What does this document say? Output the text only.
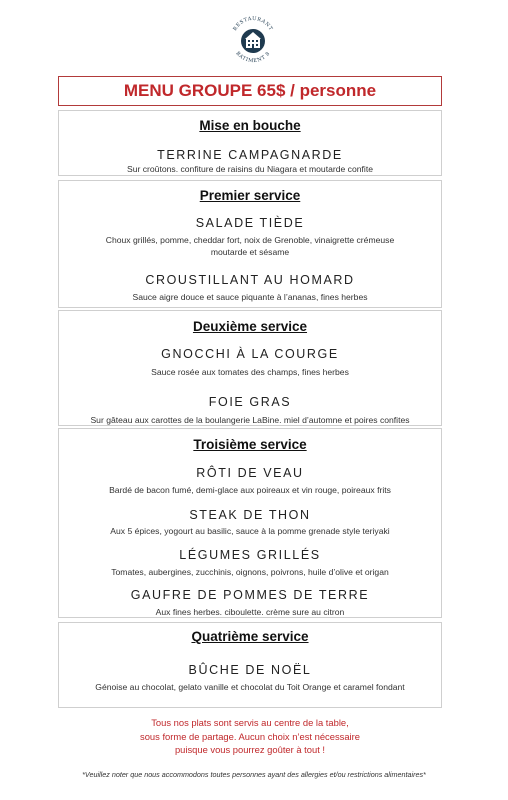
RESTAURANT
BATIMENT 8
MENU GROUPE 65$ / personne
Mise en bouche
TERRINE CAMPAGNARDE
Sur croûtons. confiture de raisins du Niagara et moutarde confite
Premier service
SALADE TIÈDE
Choux grillés, pomme, cheddar fort, noix de Grenoble, vinaigrette crémeuse
moutarde et sésame
CROUSTILLANT AU HOMARD
Sauce aigre douce et sauce piquante à l’ananas, fines herbes
Deuxième service
GNOCCHI À LA COURGE
Sauce rosée aux tomates des champs, fines herbes
FOIE GRAS
Sur gâteau aux carottes de la boulangerie LaBine. miel d’automne et poires confites
Troisième service
RÔTI DE VEAU
Bardé de bacon fumé, demi-glace aux poireaux et vin rouge, poireaux frits
STEAK DE THON
Aux 5 épices, yogourt au basilic, sauce à la pomme grenade style teriyaki
LÉGUMES GRILLÉS
Tomates, aubergines, zucchinis, oignons, poivrons, huile d’olive et origan
GAUFRE DE POMMES DE TERRE
Aux fines herbes. ciboulette. crème sure au citron
Quatrième service
BÛCHE DE NOËL
Génoise au chocolat, gelato vanille et chocolat du Toit Orange et caramel fondant
Tous nos plats sont servis au centre de la table,
sous forme de partage. Aucun choix n’est nécessaire
puisque vous pourrez goûter à tout !
*Veuillez noter que nous accommodons toutes personnes ayant des allergies et/ou restrictions alimentaires*
